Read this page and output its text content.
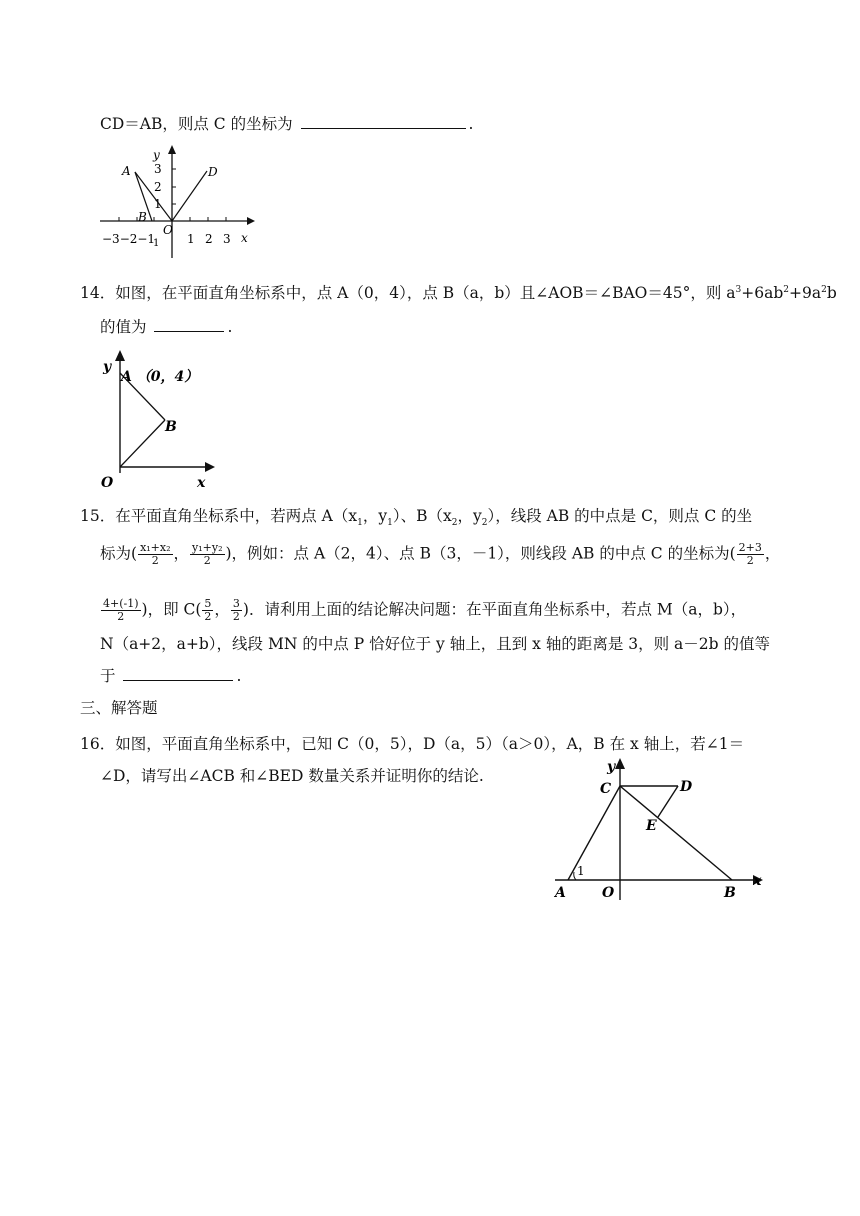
CD＝AB，则点 C 的坐标为	.
y
x
O
A
B
D
3
2
1
−3−2−1
1 1 2 3
14．如图，在平面直角坐标系中，点 A（0，4），点 B（a，b）且∠AOB＝∠BAO＝45°，则 $a^3+6ab^2+9a^2b$
的值为	.
y
x
O
A （0，4）
B
15．在平面直角坐标系中，若两点 $A(x_1$，$y_1$）、$B(x_2$，$y_2$），线段 AB 的中点是 C，则点 C 的坐
标为( $\frac{\text{x₁+x₂}}{2}$ ， $\frac{\text{y₁+y₂}}{2}$ )，例如：点 A（2，4）、点 B（3，－1），则线段 AB 的中点 C 的坐标为( $\frac{2+3}{2}$ ，
$\frac{4+(-1)}{2}$ )，即 $C( \frac{5}{2}$ ， $\frac{3}{2}$ )．请利用上面的结论解决问题：在平面直角坐标系中，若点 M（a，b），
N（a+2，a+b），线段 MN 的中点 P 恰好位于 y 轴上，且到 x 轴的距离是 3，则 a－2b 的值等
于	.
三、解答题
16．如图，平面直角坐标系中，已知 C（0，5），D（a，5）（a＞0），A，B 在 x 轴上，若∠1＝
∠D，请写出∠ACB 和∠BED 数量关系并证明你的结论.	y
x
O
A	B
C	D
E
1
